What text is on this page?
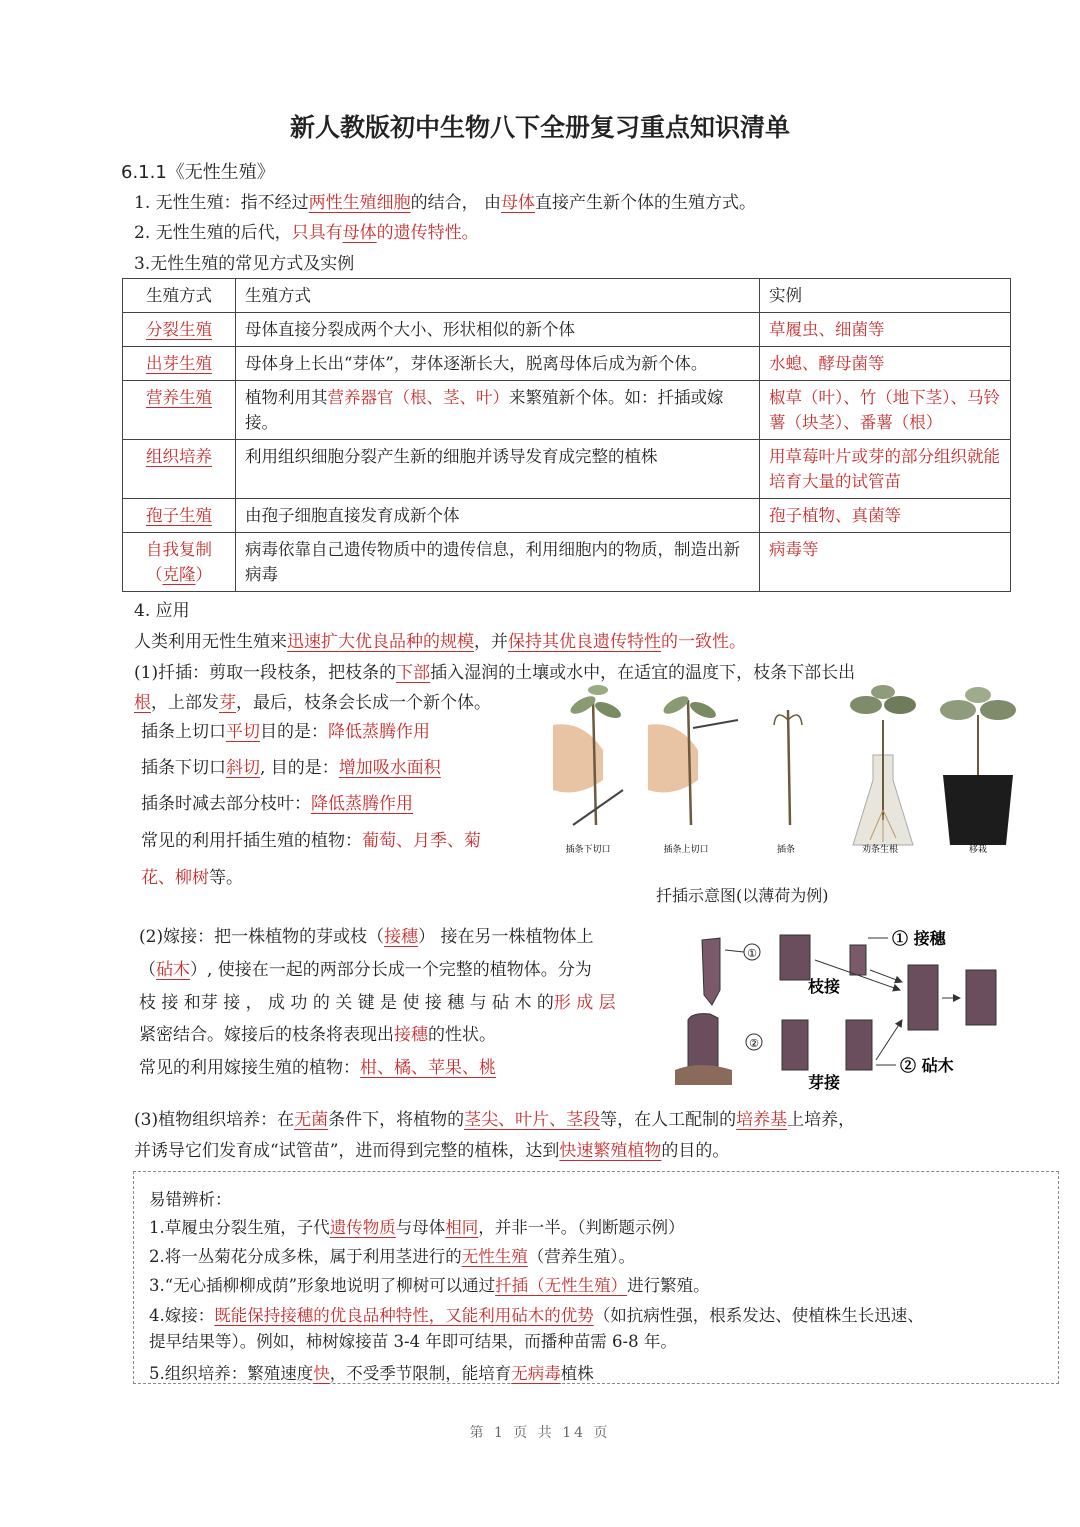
新人教版初中生物八下全册复习重点知识清单
6.1.1《无性生殖》
1. 无性生殖：指不经过两性生殖细胞的结合， 由母体直接产生新个体的生殖方式。
2. 无性生殖的后代，只具有母体的遗传特性。
3.无性生殖的常见方式及实例
生殖方式	生殖方式	实例
分裂生殖	母体直接分裂成两个大小、形状相似的新个体	草履虫、细菌等
出芽生殖	母体身上长出“芽体”，芽体逐渐长大，脱离母体后成为新个体。	水螅、酵母菌等
营养生殖	植物利用其营养器官（根、茎、叶）来繁殖新个体。如：扦插或嫁接。	椒草（叶）、竹（地下茎）、马铃薯（块茎）、番薯（根）
组织培养	利用组织细胞分裂产生新的细胞并诱导发育成完整的植株	用草莓叶片或芽的部分组织就能培育大量的试管苗
孢子生殖	由孢子细胞直接发育成新个体	孢子植物、真菌等
自我复制
（克隆）	病毒依靠自己遗传物质中的遗传信息，利用细胞内的物质，制造出新病毒	病毒等
4. 应用
人类利用无性生殖来迅速扩大优良品种的规模，并保持其优良遗传特性的一致性。
(1)扦插：剪取一段枝条，把枝条的下部插入湿润的土壤或水中，在适宜的温度下，枝条下部长出
根，上部发芽，最后，枝条会长成一个新个体。
插条上切口平切目的是：降低蒸腾作用
插条下切口斜切, 目的是：增加吸水面积
插条时减去部分枝叶：降低蒸腾作用
常见的利用扦插生殖的植物：葡萄、月季、菊
花、柳树等。
插条下切口	插条上切口	插条	劝条生根	移栽
扦插示意图(以薄荷为例)
(2)嫁接：把一株植物的芽或枝（接穗） 接在另一株植物体上
（砧木）, 使接在一起的两部分长成一个完整的植物体。分为
枝 接 和芽 接 ， 成 功 的 关 键 是 使 接 穗 与 砧 木 的形 成 层
紧密结合。嫁接后的枝条将表现出接穗的性状。
常见的利用嫁接生殖的植物：柑、橘、苹果、桃
①
① 接穗
枝接
②
② 砧木
芽接
(3)植物组织培养：在无菌条件下，将植物的茎尖、叶片、茎段等，在人工配制的培养基上培养，
并诱导它们发育成“试管苗”，进而得到完整的植株，达到快速繁殖植物的目的。
易错辨析：
1.草履虫分裂生殖，子代遗传物质与母体相同，并非一半。（判断题示例）
2.将一丛菊花分成多株，属于利用茎进行的无性生殖（营养生殖）。
3.“无心插柳柳成荫”形象地说明了柳树可以通过扦插（无性生殖）进行繁殖。
4.嫁接：既能保持接穗的优良品种特性，又能利用砧木的优势（如抗病性强，根系发达、使植株生长迅速、
提早结果等）。例如，柿树嫁接苗 3-4 年即可结果，而播种苗需 6-8 年。
5.组织培养：繁殖速度快，不受季节限制，能培育无病毒植株
第 1 页 共 14 页
